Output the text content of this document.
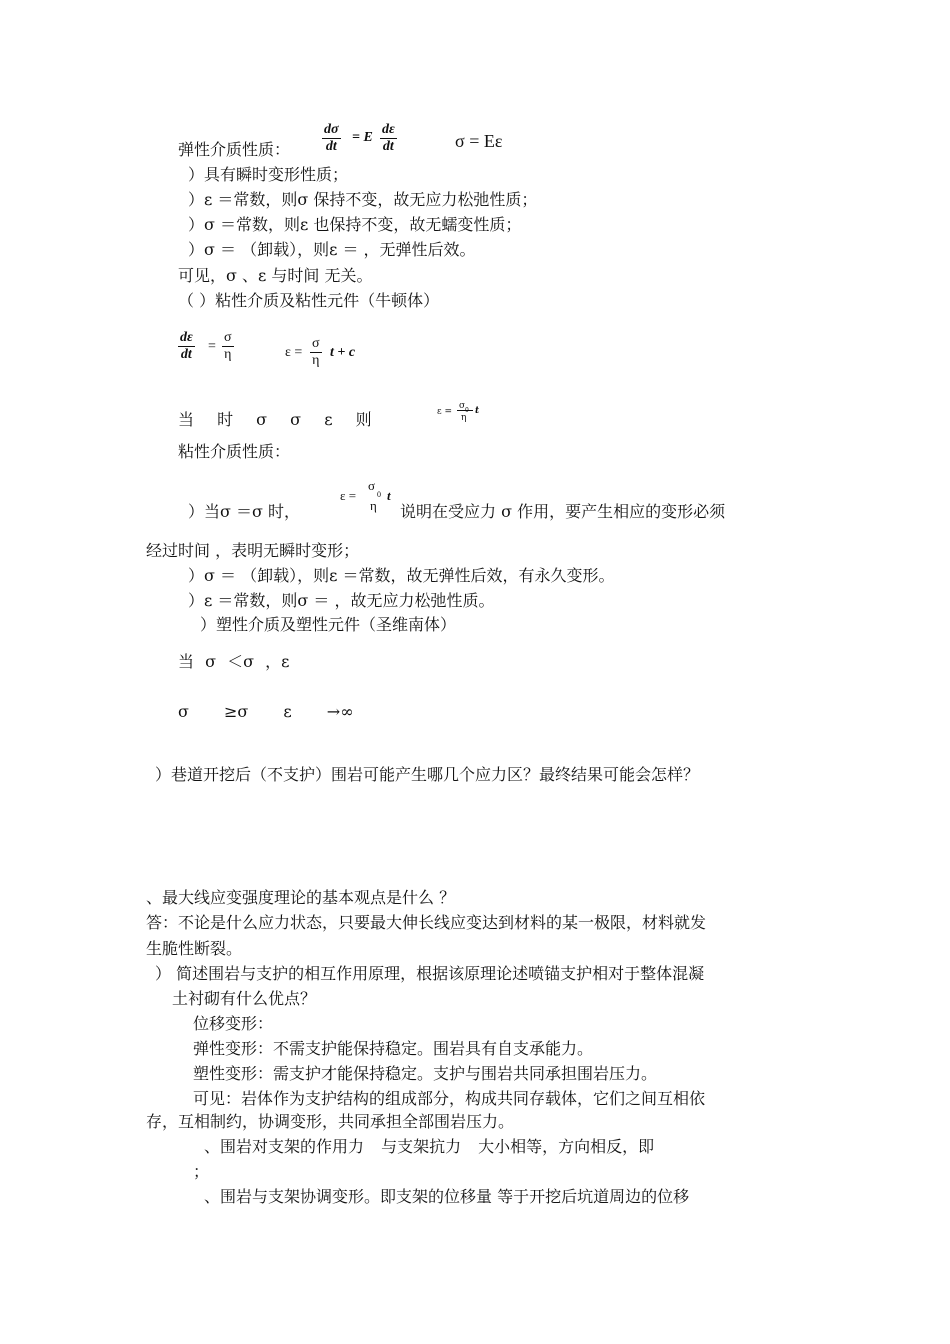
$\frac{d\sigma}{dt} = E \frac{d\varepsilon}{dt}$	σ = Eε
弹性介质性质：
）具有瞬时变形性质；
）ε ＝常数，则σ 保持不变，故无应力松弛性质；
）σ ＝常数，则ε 也保持不变，故无蠕变性质；
）σ ＝ （卸载），则ε ＝ ，无弹性后效。
可见，σ 、ε 与时间 无关。
（ ）粘性介质及粘性元件（牛顿体）
$\frac{d\varepsilon}{dt} = \frac{\sigma}{\eta}$	$\varepsilon = \frac{\sigma}{\eta}$ t + c
当 时 σ σ ε 则	ε =
σ 0
η
t
粘性介质性质：
）当σ ＝σ 时，
ε =
σ
0
η
t
说明在受应力 σ 作用，要产生相应的变形必须
经过时间 ，表明无瞬时变形；
）σ ＝ （卸载），则ε ＝常数，故无弹性后效，有永久变形。
）ε ＝常数，则σ ＝ ，故无应力松弛性质。
）塑性介质及塑性元件（圣维南体）
当 σ ＜σ ，ε
σ ≥σ ε →∞
）巷道开挖后（不支护）围岩可能产生哪几个应力区？最终结果可能会怎样？
、最大线应变强度理论的基本观点是什么 ？
答：不论是什么应力状态，只要最大伸长线应变达到材料的某一极限，材料就发
生脆性断裂。
） 简述围岩与支护的相互作用原理，根据该原理论述喷锚支护相对于整体混凝
土衬砌有什么优点？
位移变形：
弹性变形：不需支护能保持稳定。围岩具有自支承能力。
塑性变形：需支护才能保持稳定。支护与围岩共同承担围岩压力。
可见：岩体作为支护结构的组成部分，构成共同存载体，它们之间互相依
存，互相制约，协调变形，共同承担全部围岩压力。
、围岩对支架的作用力 与支架抗力 大小相等，方向相反，即
；
、围岩与支架协调变形。即支架的位移量 等于开挖后坑道周边的位移
